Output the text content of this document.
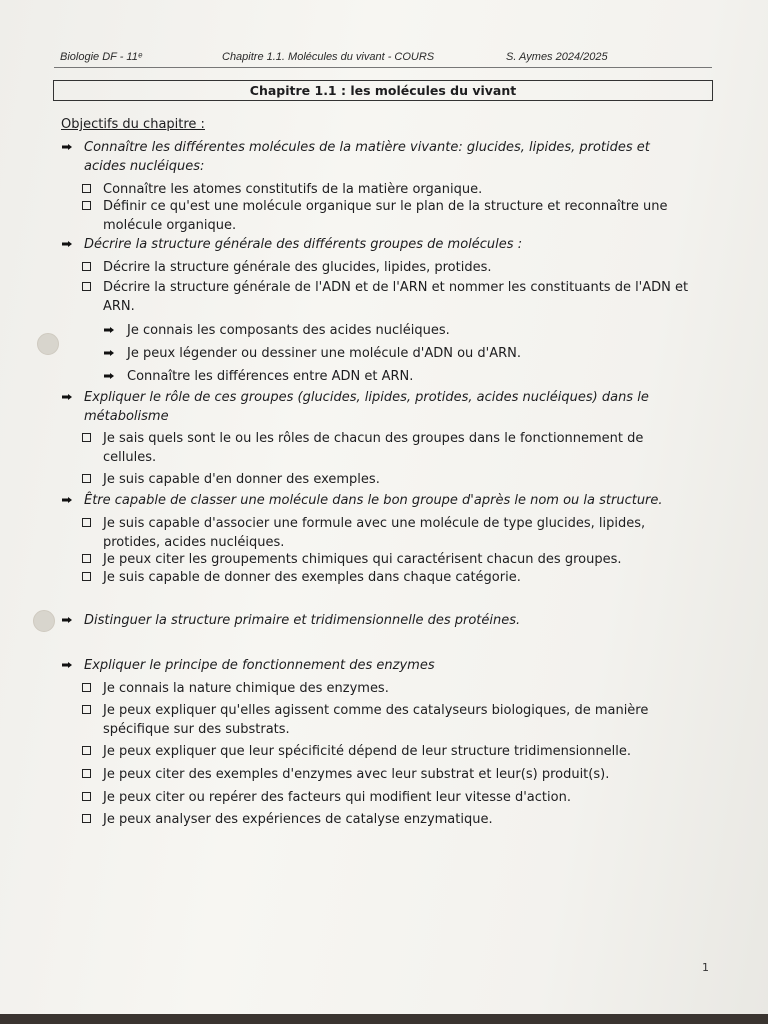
Biologie DF - 11ᵉ	Chapitre 1.1. Molécules du vivant - COURS	S. Aymes 2024/2025
Chapitre 1.1 : les molécules du vivant
Objectifs du chapitre :
Connaître les différentes molécules de la matière vivante: glucides, lipides, protides et acides nucléiques:
Connaître les atomes constitutifs de la matière organique.
Définir ce qu'est une molécule organique sur le plan de la structure et reconnaître une molécule organique.
Décrire la structure générale des différents groupes de molécules :
Décrire la structure générale des glucides, lipides, protides.
Décrire la structure générale de l'ADN et de l'ARN et nommer les constituants de l'ADN et ARN.
Je connais les composants des acides nucléiques.
Je peux légender ou dessiner une molécule d'ADN ou d'ARN.
Connaître les différences entre ADN et ARN.
Expliquer le rôle de ces groupes (glucides, lipides, protides, acides nucléiques) dans le métabolisme
Je sais quels sont le ou les rôles de chacun des groupes dans le fonctionnement de cellules.
Je suis capable d'en donner des exemples.
Être capable de classer une molécule dans le bon groupe d'après le nom ou la structure.
Je suis capable d'associer une formule avec une molécule de type glucides, lipides, protides, acides nucléiques.
Je peux citer les groupements chimiques qui caractérisent chacun des groupes.
Je suis capable de donner des exemples dans chaque catégorie.
Distinguer la structure primaire et tridimensionnelle des protéines.
Expliquer le principe de fonctionnement des enzymes
Je connais la nature chimique des enzymes.
Je peux expliquer qu'elles agissent comme des catalyseurs biologiques, de manière spécifique sur des substrats.
Je peux expliquer que leur spécificité dépend de leur structure tridimensionnelle.
Je peux citer des exemples d'enzymes avec leur substrat et leur(s) produit(s).
Je peux citer ou repérer des facteurs qui modifient leur vitesse d'action.
Je peux analyser des expériences de catalyse enzymatique.
1
